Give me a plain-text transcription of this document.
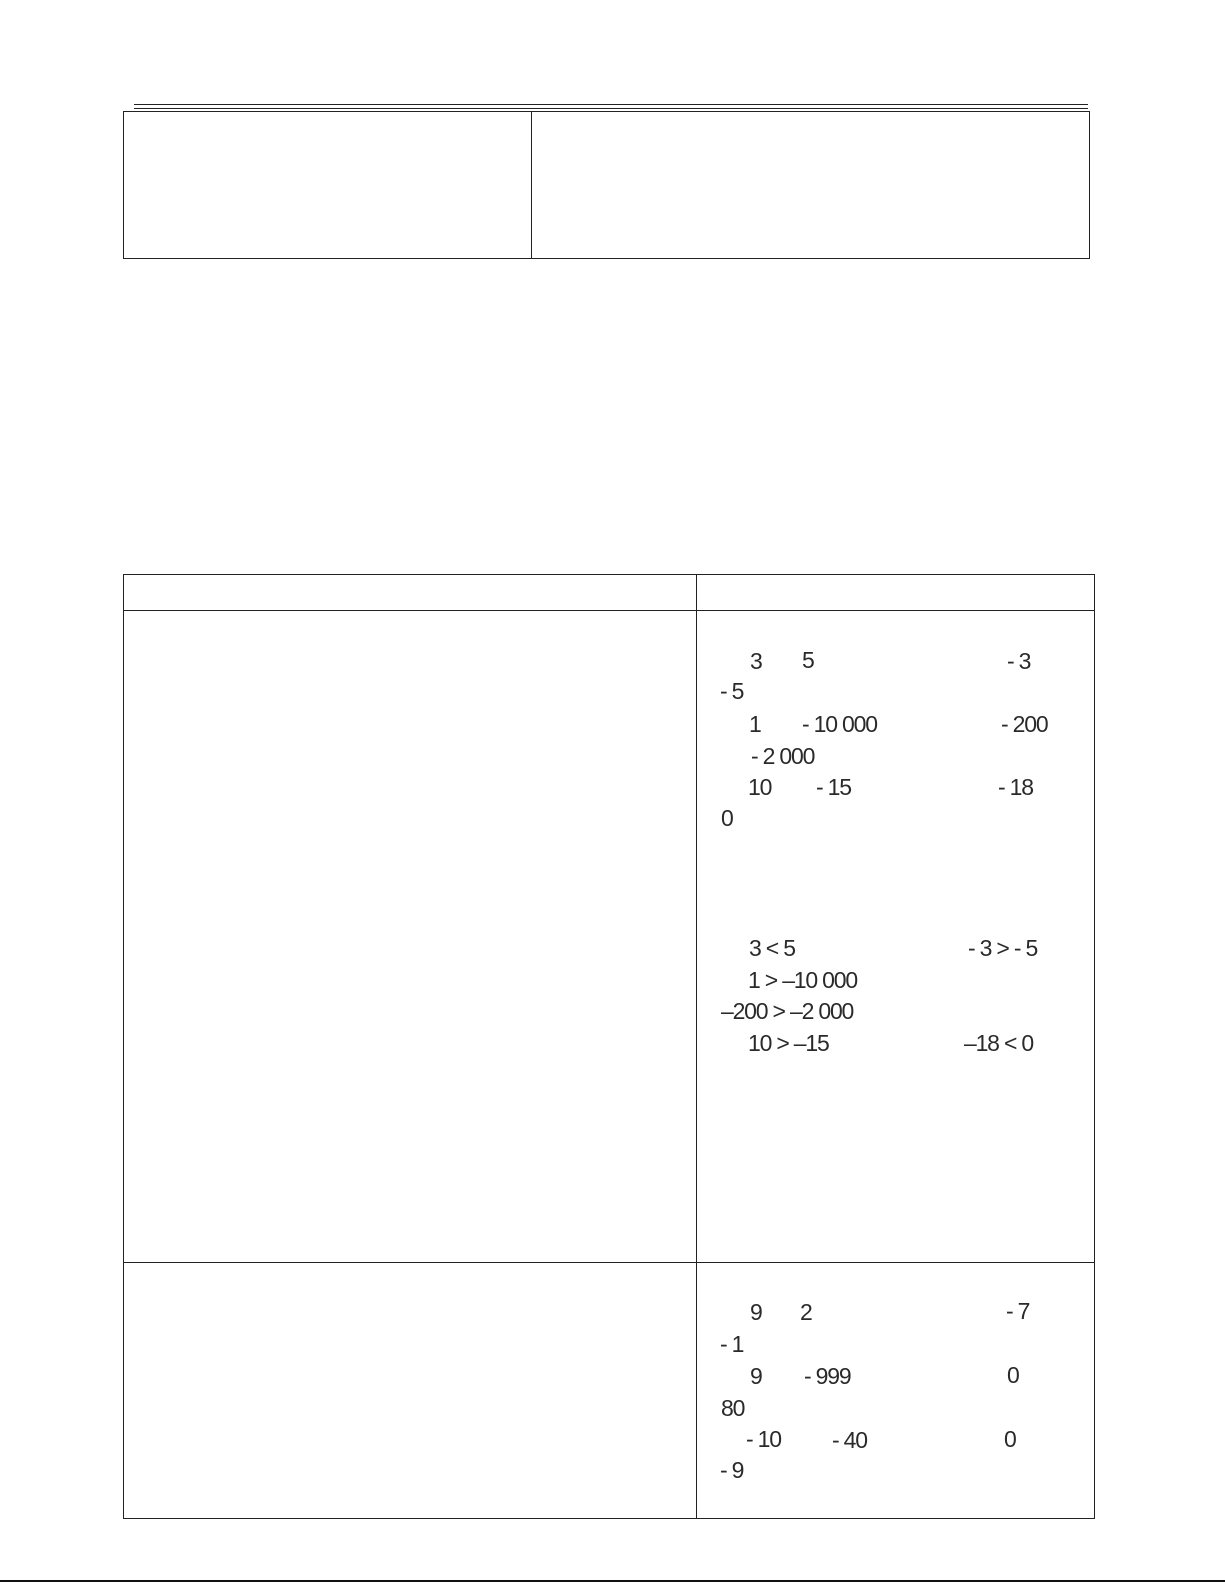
3 5	- 3
- 5
1 - 10 000	- 200
- 2 000
10 - 15	- 18
0
3 < 5	- 3 > - 5
1 > –10 000
–200 > –2 000
10 > –15	–18 < 0
9 2	- 7
- 1
9 - 999	0
80
- 10 - 40	0
- 9
